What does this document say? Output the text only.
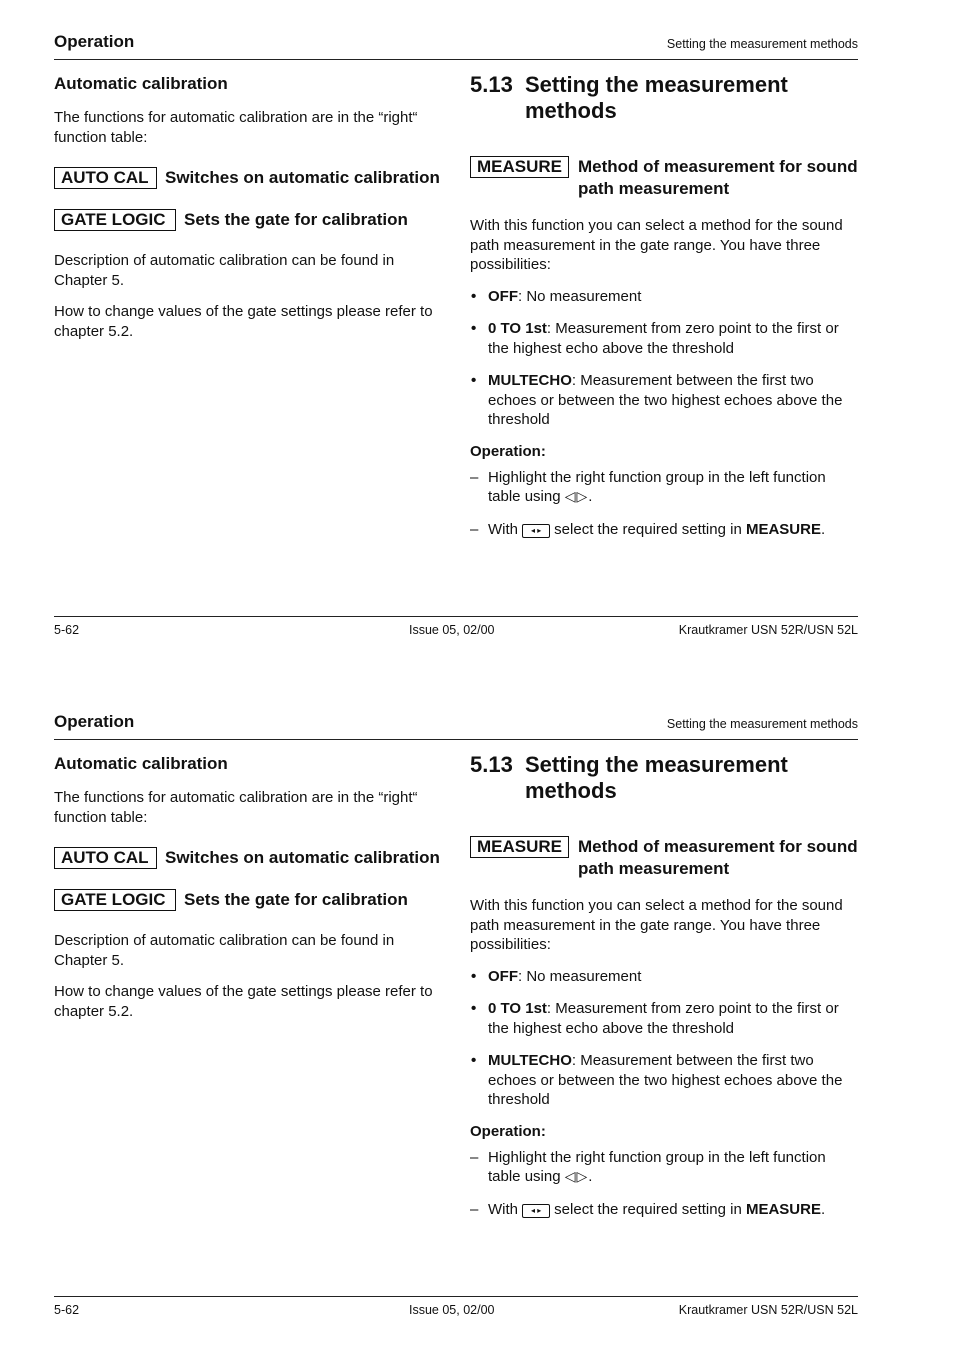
Operation	Setting the measurement methods
Automatic calibration

The functions for automatic calibration are in the “right“ function table:

AUTO CAL Switches on automatic calibration
GATE LOGIC	Sets the gate for calibration

Description of automatic calibration can be found in Chapter 5.

How to change values of the gate settings please refer to chapter 5.2.

5.13 Setting the measurement methods
MEASURE Method of measurement for sound path measurement

With this function you can select a method for the sound path measurement in the gate range. You have three possibilities:

• OFF: No measurement
• 0 TO 1st: Measurement from zero point to the first or the highest echo above the threshold
• MULTECHO: Measurement between the first two echoes or between the two highest echoes above the threshold
Operation:
– Highlight the right function group in the left function table using ◁▷.
– With ◂ ▸ select the required setting in MEASURE.
5-62	Issue 05, 02/00	Krautkramer USN 52R/USN 52L
Operation	Setting the measurement methods
Automatic calibration

The functions for automatic calibration are in the “right“ function table:

AUTO CAL Switches on automatic calibration
GATE LOGIC	Sets the gate for calibration

Description of automatic calibration can be found in Chapter 5.

How to change values of the gate settings please refer to chapter 5.2.

5.13 Setting the measurement methods
MEASURE Method of measurement for sound path measurement

With this function you can select a method for the sound path measurement in the gate range. You have three possibilities:

• OFF: No measurement
• 0 TO 1st: Measurement from zero point to the first or the highest echo above the threshold
• MULTECHO: Measurement between the first two echoes or between the two highest echoes above the threshold
Operation:
– Highlight the right function group in the left function table using ◁▷.
– With ◂ ▸ select the required setting in MEASURE.
5-62	Issue 05, 02/00	Krautkramer USN 52R/USN 52L
